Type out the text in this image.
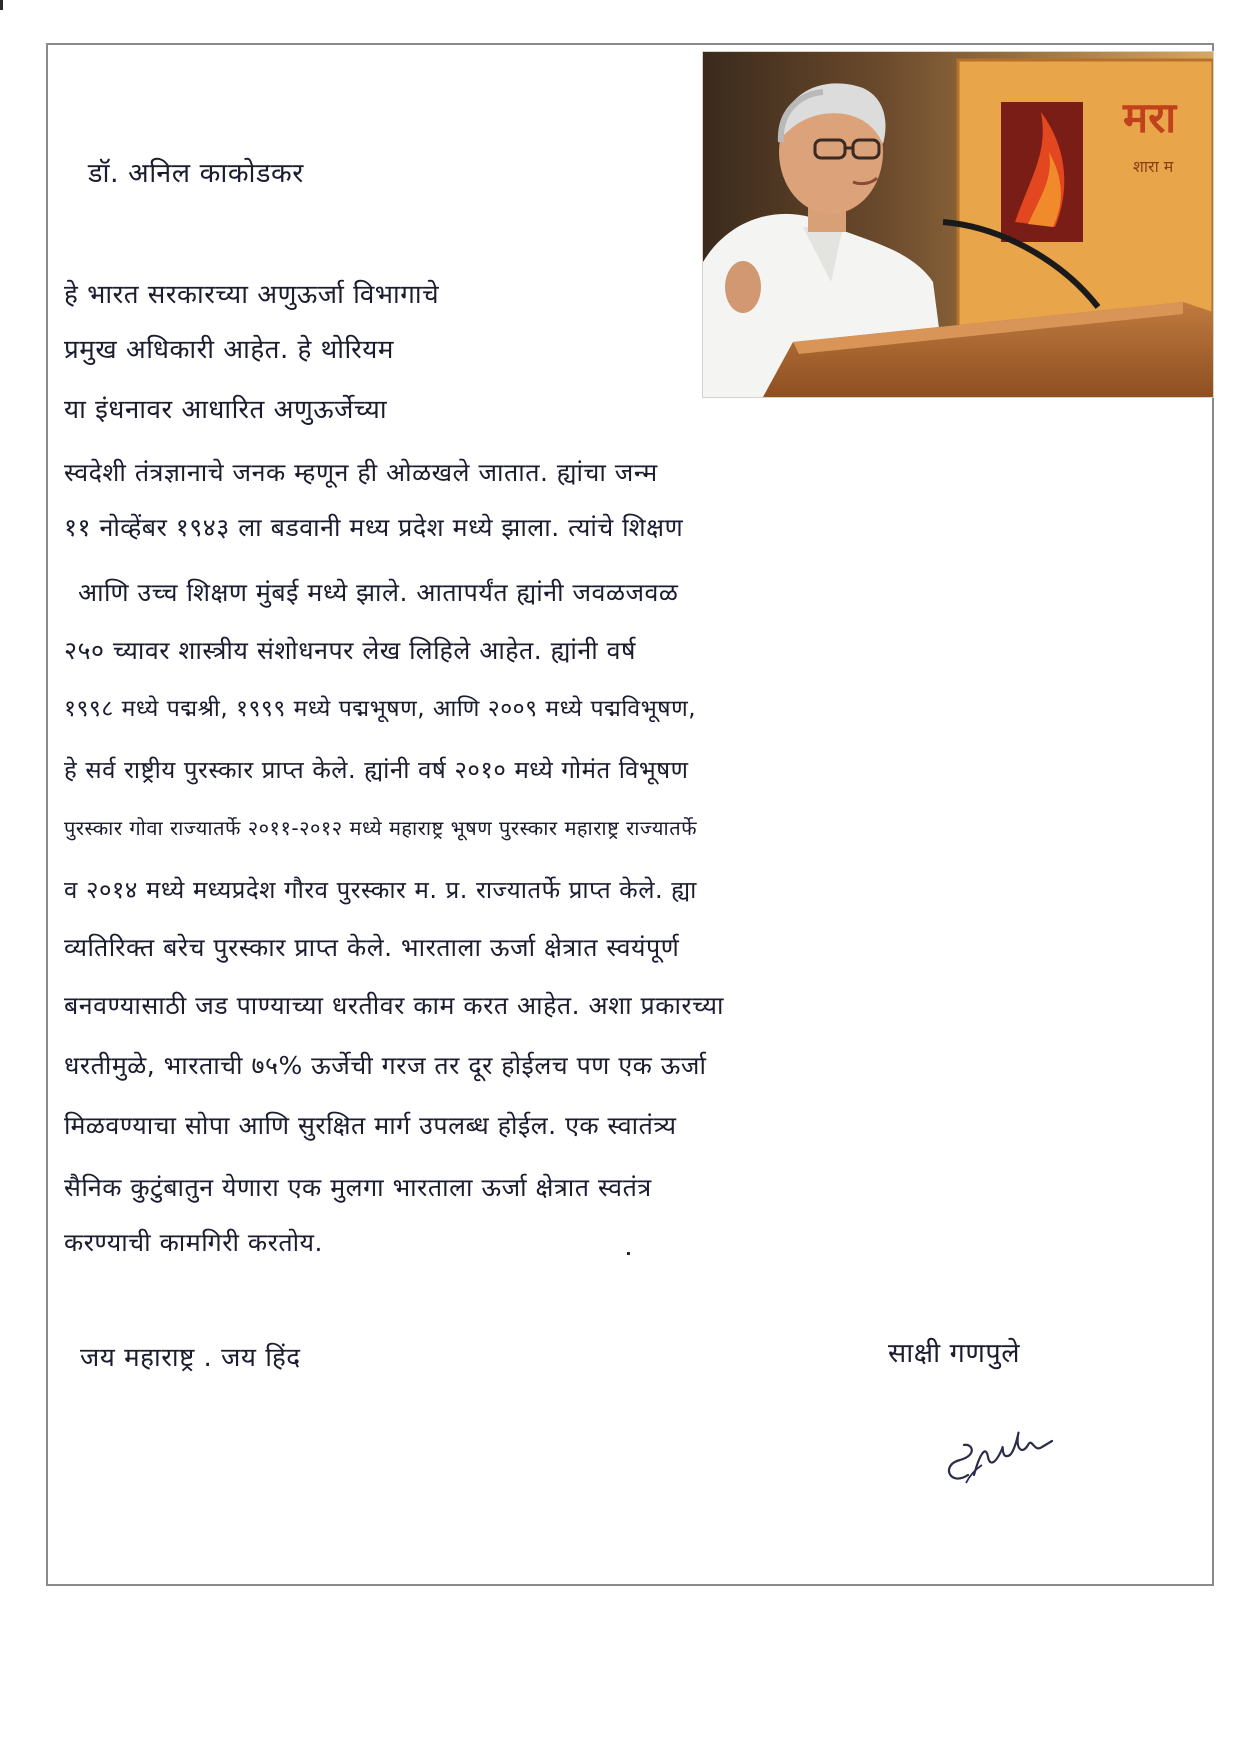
डॉ. अनिल काकोडकर
हे भारत सरकारच्या अणुऊर्जा विभागाचे
प्रमुख अधिकारी आहेत. हे थोरियम
या इंधनावर आधारित अणुऊर्जेच्या
स्वदेशी तंत्रज्ञानाचे जनक म्हणून ही ओळखले जातात. ह्यांचा जन्म
११ नोव्हेंबर १९४३ ला बडवानी मध्य प्रदेश मध्ये झाला. त्यांचे शिक्षण
आणि उच्च शिक्षण मुंबई मध्ये झाले. आतापर्यंत ह्यांनी जवळजवळ
२५० च्यावर शास्त्रीय संशोधनपर लेख लिहिले आहेत. ह्यांनी वर्ष
१९९८ मध्ये पद्मश्री, १९९९ मध्ये पद्मभूषण, आणि २००९ मध्ये पद्मविभूषण,
हे सर्व राष्ट्रीय पुरस्कार प्राप्त केले. ह्यांनी वर्ष २०१० मध्ये गोमंत विभूषण
पुरस्कार गोवा राज्यातर्फे २०११-२०१२ मध्ये महाराष्ट्र भूषण पुरस्कार महाराष्ट्र राज्यातर्फे
व २०१४ मध्ये मध्यप्रदेश गौरव पुरस्कार म. प्र. राज्यातर्फे प्राप्त केले. ह्या
व्यतिरिक्त बरेच पुरस्कार प्राप्त केले. भारताला ऊर्जा क्षेत्रात स्वयंपूर्ण
बनवण्यासाठी जड पाण्याच्या धरतीवर काम करत आहेत. अशा प्रकारच्या
धरतीमुळे, भारताची ७५% ऊर्जेची गरज तर दूर होईलच पण एक ऊर्जा
मिळवण्याचा सोपा आणि सुरक्षित मार्ग उपलब्ध होईल. एक स्वातंत्र्य
सैनिक कुटुंबातुन येणारा एक मुलगा भारताला ऊर्जा क्षेत्रात स्वतंत्र
करण्याची कामगिरी करतोय.
जय महाराष्ट्र . जय हिंद	साक्षी गणपुले
मरा
शारा म
